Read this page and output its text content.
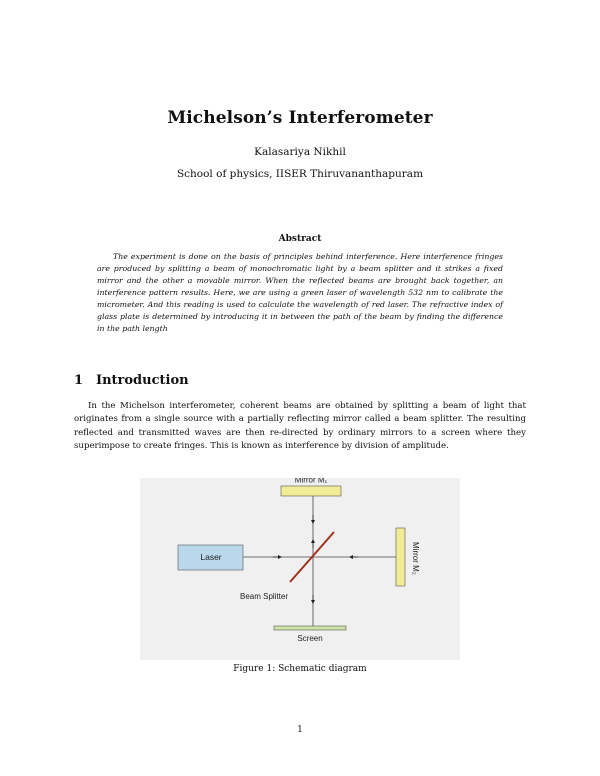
Michelson’s Interferometer
Kalasariya Nikhil
School of physics, IISER Thiruvananthapuram
Abstract
The experiment is done on the basis of principles behind interference. Here interference fringes are produced by splitting a beam of monochromatic light by a beam splitter and it strikes a fixed mirror and the other a movable mirror. When the reflected beams are brought back together, an interference pattern results. Here, we are using a green laser of wavelength 532 nm to calibrate the micrometer. And this reading is used to calculate the wavelength of red laser. The refractive index of glass plate is determined by introducing it in between the path of the beam by finding the difference in the path length
1 Introduction
In the Michelson interferometer, coherent beams are obtained by splitting a beam of light that originates from a single source with a partially reflecting mirror called a beam splitter. The resulting reflected and transmitted waves are then re-directed by ordinary mirrors to a screen where they superimpose to create fringes. This is known as interference by division of amplitude.
Mirror M₁
Laser	Mirror M₂
Beam Splitter
Screen
Figure 1: Schematic diagram
1
